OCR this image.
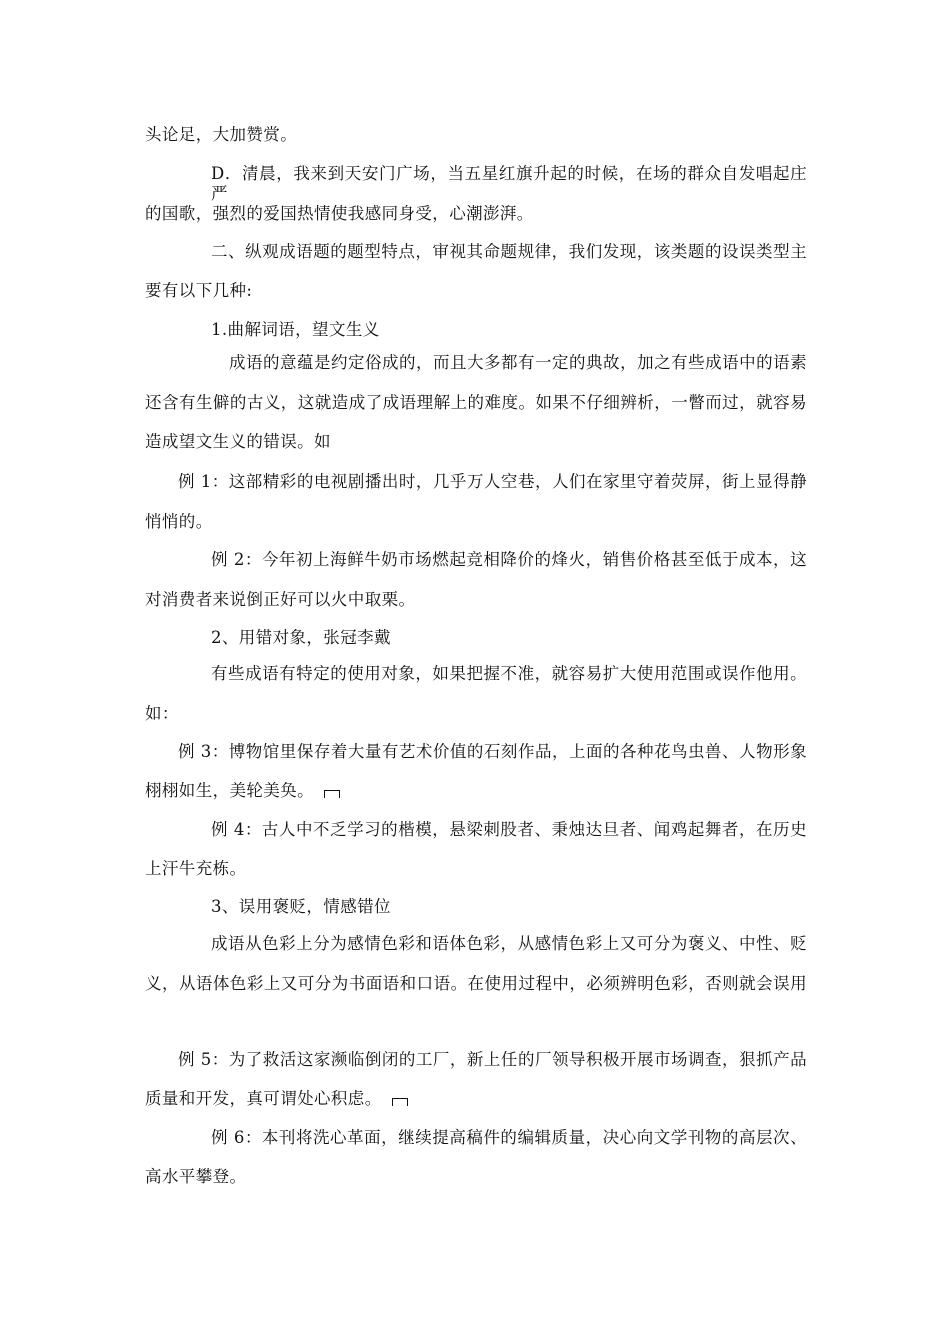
头论足，大加赞赏。
D．清晨，我来到天安门广场，当五星红旗升起的时候，在场的群众自发唱起庄严
的国歌，强烈的爱国热情使我感同身受，心潮澎湃。
二、纵观成语题的题型特点，审视其命题规律，我们发现，该类题的设误类型主
要有以下几种:
1.曲解词语，望文生义
成语的意蕴是约定俗成的，而且大多都有一定的典故，加之有些成语中的语素
还含有生僻的古义，这就造成了成语理解上的难度。如果不仔细辨析，一瞥而过，就容易
造成望文生义的错误。如
例 1：这部精彩的电视剧播出时，几乎万人空巷，人们在家里守着荧屏，街上显得静
悄悄的。
例 2：今年初上海鲜牛奶市场燃起竞相降价的烽火，销售价格甚至低于成本，这
对消费者来说倒正好可以火中取栗。
2、用错对象，张冠李戴
有些成语有特定的使用对象，如果把握不准，就容易扩大使用范围或误作他用。
如：
例 3：博物馆里保存着大量有艺术价值的石刻作品，上面的各种花鸟虫兽、人物形象
栩栩如生，美轮美奂。
例 4：古人中不乏学习的楷模，悬梁刺股者、秉烛达旦者、闻鸡起舞者，在历史
上汗牛充栋。
3、误用褒贬，情感错位
成语从色彩上分为感情色彩和语体色彩，从感情色彩上又可分为褒义、中性、贬
义，从语体色彩上又可分为书面语和口语。在使用过程中，必须辨明色彩，否则就会误用
例 5：为了救活这家濒临倒闭的工厂，新上任的厂领导积极开展市场调查，狠抓产品
质量和开发，真可谓处心积虑。
例 6：本刊将洗心革面，继续提高稿件的编辑质量，决心向文学刊物的高层次、
高水平攀登。
